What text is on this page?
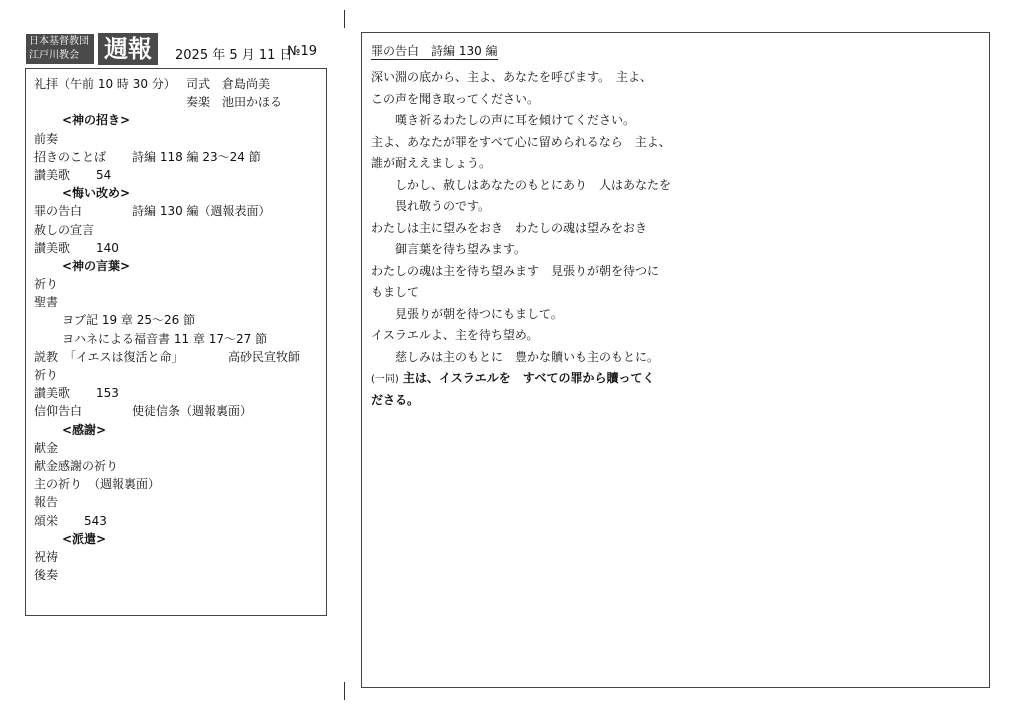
日本基督教団
江戸川教会	週報	2025 年 5 月 11 日
№19
礼拝（午前 10 時 30 分） 司式 倉島尚美
奏楽 池田かほる
<神の招き>
前奏
招きのことば 詩編 118 編 23〜24 節
讃美歌 54
<悔い改め>
罪の告白	詩編 130 編（週報表面）
赦しの宣言
讃美歌 140
<神の言葉>
祈り
聖書
ヨブ記 19 章 25〜26 節
ヨハネによる福音書 11 章 17〜27 節
説教 「イエスは復活と命」	高砂民宣牧師
祈り
讃美歌 153
信仰告白	使徒信条（週報裏面）
<感謝>
献金
献金感謝の祈り
主の祈り （週報裏面）
報告
頌栄 543
<派遣>
祝祷
後奏
罪の告白　詩編 130 編
深い淵の底から、主よ、あなたを呼びます。　主よ、
この声を聞き取ってください。
嘆き祈るわたしの声に耳を傾けてください。
主よ、あなたが罪をすべて心に留められるなら　主よ、
誰が耐ええましょう。
しかし、赦しはあなたのもとにあり　人はあなたを
畏れ敬うのです。
わたしは主に望みをおき　わたしの魂は望みをおき
御言葉を待ち望みます。
わたしの魂は主を待ち望みます　見張りが朝を待つに
もまして
見張りが朝を待つにもまして。
イスラエルよ、主を待ち望め。
慈しみは主のもとに　豊かな贖いも主のもとに。
(一同) 主は、イスラエルを　すべての罪から贖ってく
ださる。
